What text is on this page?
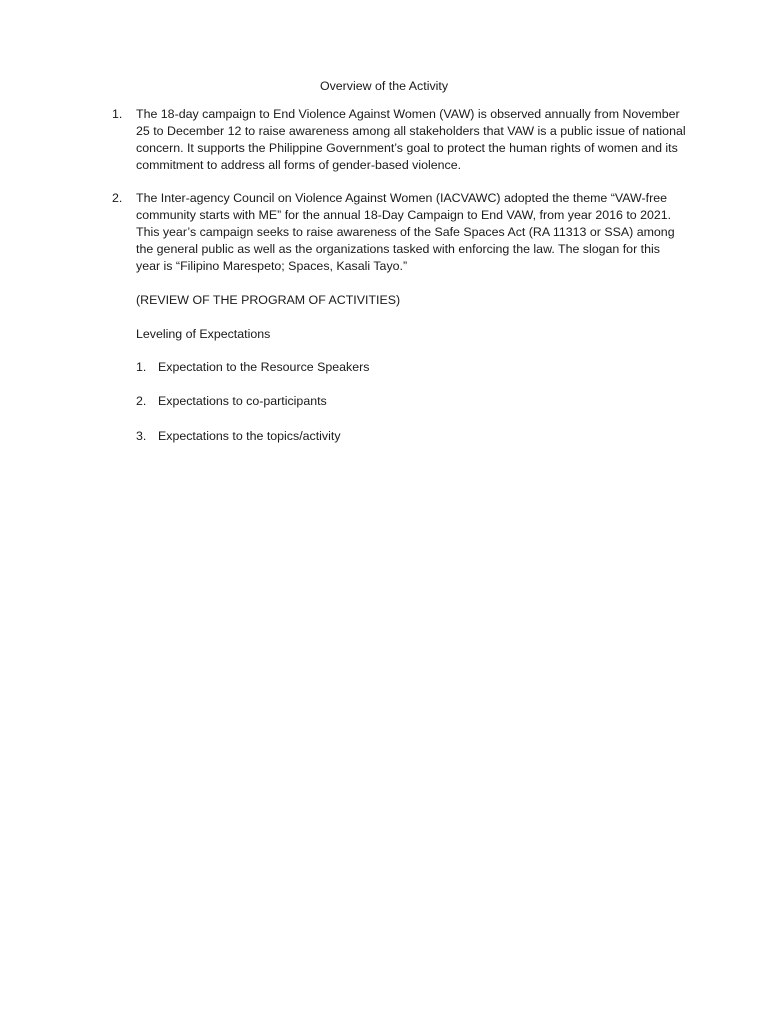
Overview of the Activity
1. The 18-day campaign to End Violence Against Women (VAW) is observed annually from November 25 to December 12 to raise awareness among all stakeholders that VAW is a public issue of national concern. It supports the Philippine Government’s goal to protect the human rights of women and its commitment to address all forms of gender-based violence.
2. The Inter-agency Council on Violence Against Women (IACVAWC) adopted the theme “VAW-free community starts with ME” for the annual 18-Day Campaign to End VAW, from year 2016 to 2021. This year’s campaign seeks to raise awareness of the Safe Spaces Act (RA 11313 or SSA) among the general public as well as the organizations tasked with enforcing the law. The slogan for this year is “Filipino Marespeto; Spaces, Kasali Tayo.”
(REVIEW OF THE PROGRAM OF ACTIVITIES)
Leveling of Expectations
1. Expectation to the Resource Speakers
2. Expectations to co-participants
3. Expectations to the topics/activity
